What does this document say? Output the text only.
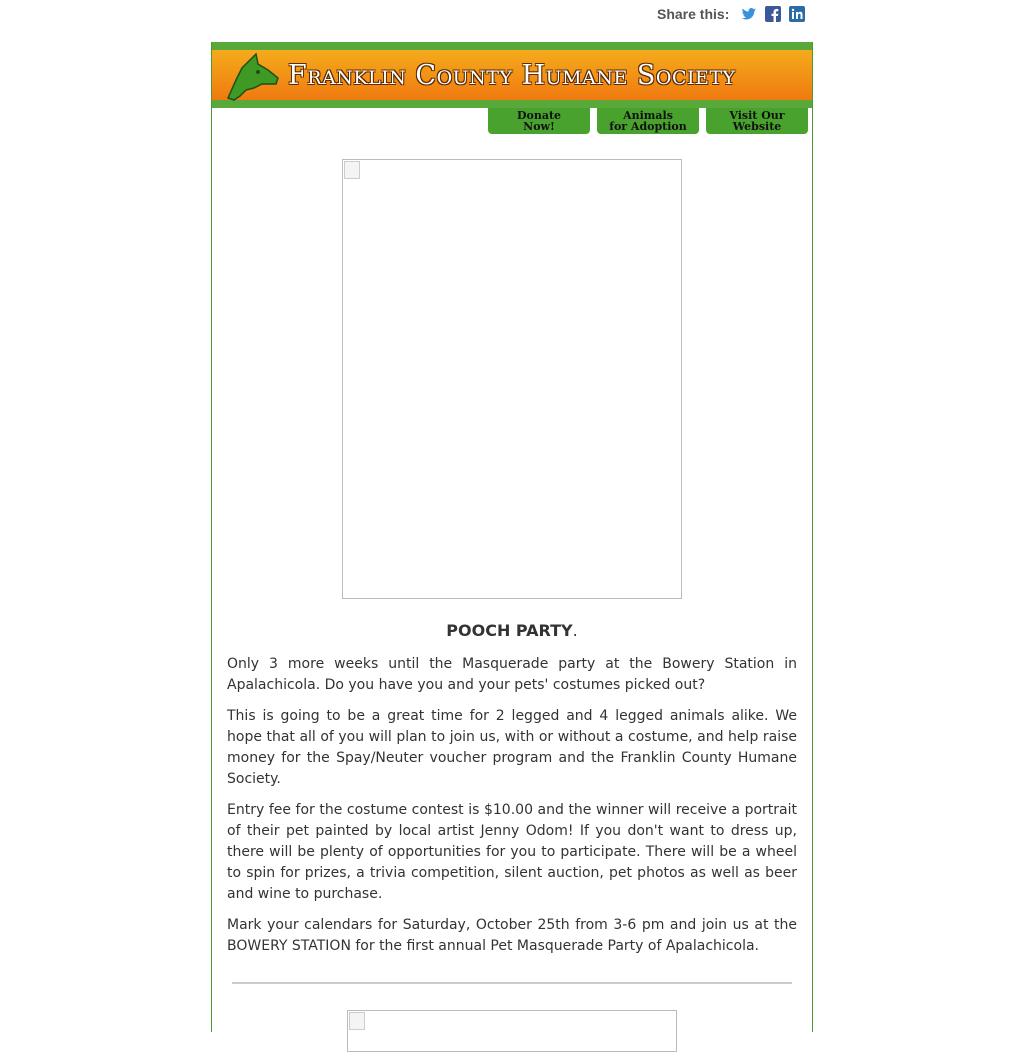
Share this:
Franklin County Humane Society
Donate
Now!
Animals
for Adoption
Visit Our
Website
POOCH PARTY.

Only 3 more weeks until the Masquerade party at the Bowery Station in Apalachicola. Do you have you and your pets' costumes picked out?

This is going to be a great time for 2 legged and 4 legged animals alike. We hope that all of you will plan to join us, with or without a costume, and help raise money for the Spay/Neuter voucher program and the Franklin County Humane Society.

Entry fee for the costume contest is $10.00 and the winner will receive a portrait of their pet painted by local artist Jenny Odom! If you don't want to dress up, there will be plenty of opportunities for you to participate. There will be a wheel to spin for prizes, a trivia competition, silent auction, pet photos as well as beer and wine to purchase.

Mark your calendars for Saturday, October 25th from 3-6 pm and join us at the BOWERY STATION for the first annual Pet Masquerade Party of Apalachicola.
